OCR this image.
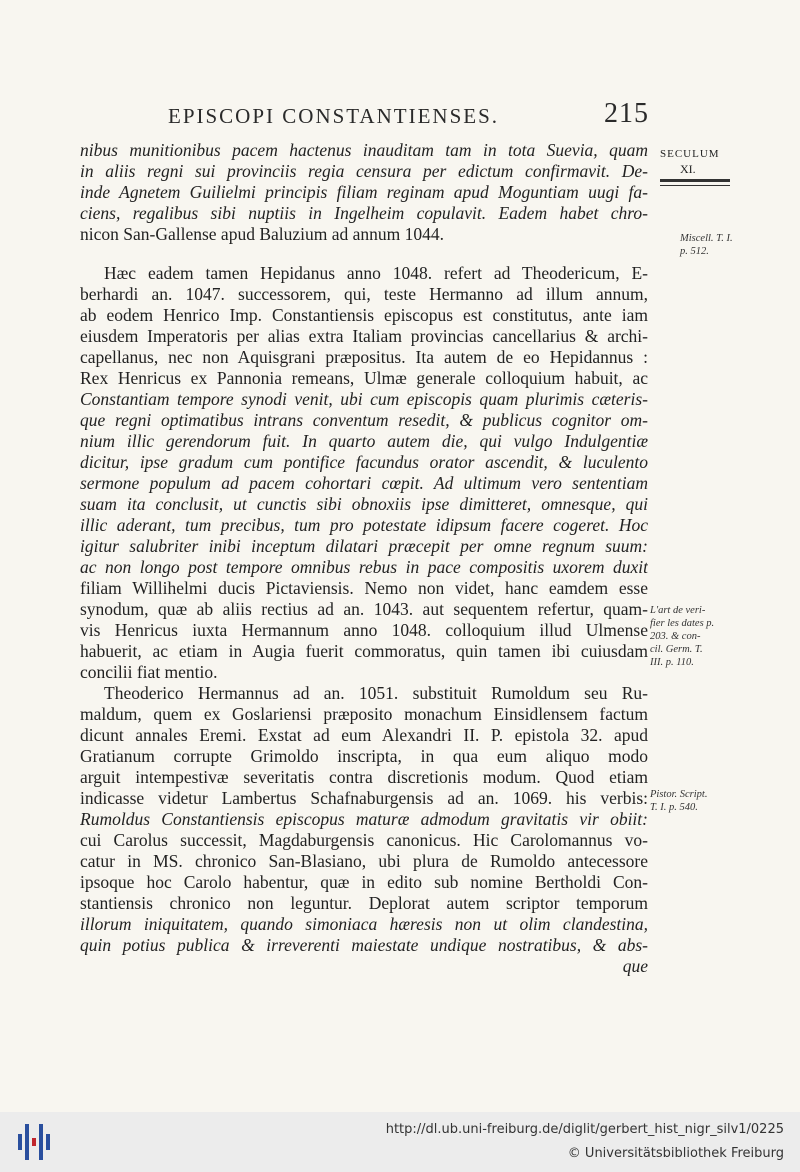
EPISCOPI CONSTANTIENSES.	215
SECULUM
XI.
Miscell. T. I.
p. 512.
L'art de veri-
fier les dates p.
203. & con-
cil. Germ. T.
III. p. 110.
Pistor. Script.
T. I. p. 540.
nibus munitionibus pacem hactenus inauditam tam in tota Suevia, quam
in aliis regni sui provinciis regia censura per edictum confirmavit. De-
inde Agnetem Guilielmi principis filiam reginam apud Moguntiam uugi fa-
ciens, regalibus sibi nuptiis in Ingelheim copulavit. Eadem habet chro-
nicon San-Gallense apud Baluzium ad annum 1044.
Hæc eadem tamen Hepidanus anno 1048. refert ad Theodericum, E-
berhardi an. 1047. successorem, qui, teste Hermanno ad illum annum,
ab eodem Henrico Imp. Constantiensis episcopus est constitutus, ante iam
eiusdem Imperatoris per alias extra Italiam provincias cancellarius & archi-
capellanus, nec non Aquisgrani præpositus. Ita autem de eo Hepidannus :
Rex Henricus ex Pannonia remeans, Ulmæ generale colloquium habuit, ac
Constantiam tempore synodi venit, ubi cum episcopis quam plurimis cæteris-
que regni optimatibus intrans conventum resedit, & publicus cognitor om-
nium illic gerendorum fuit. In quarto autem die, qui vulgo Indulgentiæ
dicitur, ipse gradum cum pontifice facundus orator ascendit, & luculento
sermone populum ad pacem cohortari cœpit. Ad ultimum vero sententiam
suam ita conclusit, ut cunctis sibi obnoxiis ipse dimitteret, omnesque, qui
illic aderant, tum precibus, tum pro potestate idipsum facere cogeret. Hoc
igitur salubriter inibi inceptum dilatari præcepit per omne regnum suum:
ac non longo post tempore omnibus rebus in pace compositis uxorem duxit
filiam Willihelmi ducis Pictaviensis. Nemo non videt, hanc eamdem esse
synodum, quæ ab aliis rectius ad an. 1043. aut sequentem refertur, quam-
vis Henricus iuxta Hermannum anno 1048. colloquium illud Ulmense
habuerit, ac etiam in Augia fuerit commoratus, quin tamen ibi cuiusdam
concilii fiat mentio.
Theoderico Hermannus ad an. 1051. substituit Rumoldum seu Ru-
maldum, quem ex Goslariensi præposito monachum Einsidlensem factum
dicunt annales Eremi. Exstat ad eum Alexandri II. P. epistola 32. apud
Gratianum corrupte Grimoldo inscripta, in qua eum aliquo modo
arguit intempestivæ severitatis contra discretionis modum. Quod etiam
indicasse videtur Lambertus Schafnaburgensis ad an. 1069. his verbis:
Rumoldus Constantiensis episcopus maturæ admodum gravitatis vir obiit:
cui Carolus successit, Magdaburgensis canonicus. Hic Carolomannus vo-
catur in MS. chronico San-Blasiano, ubi plura de Rumoldo antecessore
ipsoque hoc Carolo habentur, quæ in edito sub nomine Bertholdi Con-
stantiensis chronico non leguntur. Deplorat autem scriptor temporum
illorum iniquitatem, quando simoniaca hæresis non ut olim clandestina,
quin potius publica & irreverenti maiestate undique nostratibus, & abs-
que
http://dl.ub.uni-freiburg.de/diglit/gerbert_hist_nigr_silv1/0225
© Universitätsbibliothek Freiburg
